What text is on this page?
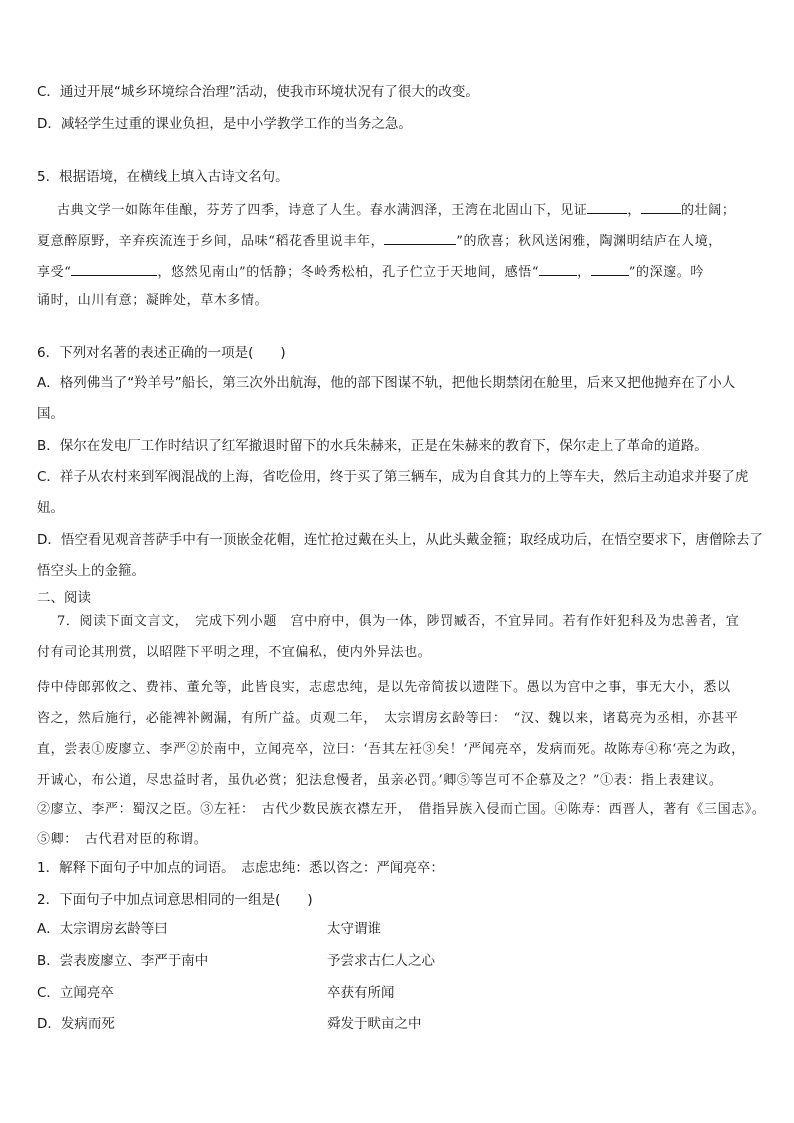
C．通过开展“城乡环境综合治理”活动，使我市环境状况有了很大的改变。
D．减轻学生过重的课业负担，是中小学教学工作的当务之急。
5．根据语境，在横线上填入古诗文名句。
古典文学一如陈年佳酿，芬芳了四季，诗意了人生。春水满泗泽，王湾在北固山下，见证	，	的壮阔；
夏意醉原野，辛弃疾流连于乡间，品味“稻花香里说丰年，	”的欣喜；秋风送闲雅，陶渊明结庐在人境，
享受“	，悠然见南山”的恬静；冬岭秀松柏，孔子伫立于天地间，感悟“	，	”的深邃。吟
诵时，山川有意；凝眸处，草木多情。
6．下列对名著的表述正确的一项是(　　)
A．格列佛当了“羚羊号”船长，第三次外出航海，他的部下图谋不轨，把他长期禁闭在舱里，后来又把他抛弃在了小人
国。
B．保尔在发电厂工作时结识了红军撤退时留下的水兵朱赫来，正是在朱赫来的教育下，保尔走上了革命的道路。
C．祥子从农村来到军阀混战的上海，省吃俭用，终于买了第三辆车，成为自食其力的上等车夫，然后主动追求并娶了虎
妞。
D．悟空看见观音菩萨手中有一顶嵌金花帽，连忙抢过戴在头上，从此头戴金箍；取经成功后，在悟空要求下，唐僧除去了
悟空头上的金箍。
二、阅读
7．阅读下面文言文，　完成下列小题　宫中府中，俱为一体，陟罚臧否，不宜异同。若有作奸犯科及为忠善者，宜
付有司论其刑赏，以昭陛下平明之理，不宜偏私，使内外异法也。
侍中侍郎郭攸之、费祎、董允等，此皆良实，志虑忠纯，是以先帝简拔以遗陛下。愚以为宫中之事，事无大小，悉以
咨之，然后施行，必能裨补阙漏，有所广益。贞观二年，　太宗谓房玄龄等曰：　“汉、魏以来，诸葛亮为丞相，亦甚平
直，尝表①废廖立、李严②於南中，立闻亮卒，泣曰：‘吾其左衽③矣！’严闻亮卒，发病而死。故陈寿④称‘亮之为政，
开诚心，布公道，尽忠益时者，虽仇必赏；犯法怠慢者，虽亲必罚。’卿⑤等岂可不企慕及之？”①表：指上表建议。
②廖立、李严：蜀汉之臣。③左衽：　古代少数民族衣襟左开，　借指异族入侵而亡国。④陈寿：西晋人，著有《三国志》。
⑤卿：　古代君对臣的称谓。
1．解释下面句子中加点的词语。　志虑忠纯：悉以咨之：严闻亮卒：
2．下面句子中加点词意思相同的一组是(　　)
A．太宗谓房玄龄等曰	太守谓谁
B．尝表废廖立、李严于南中	予尝求古仁人之心
C．立闻亮卒	卒获有所闻
D．发病而死	舜发于畎亩之中
